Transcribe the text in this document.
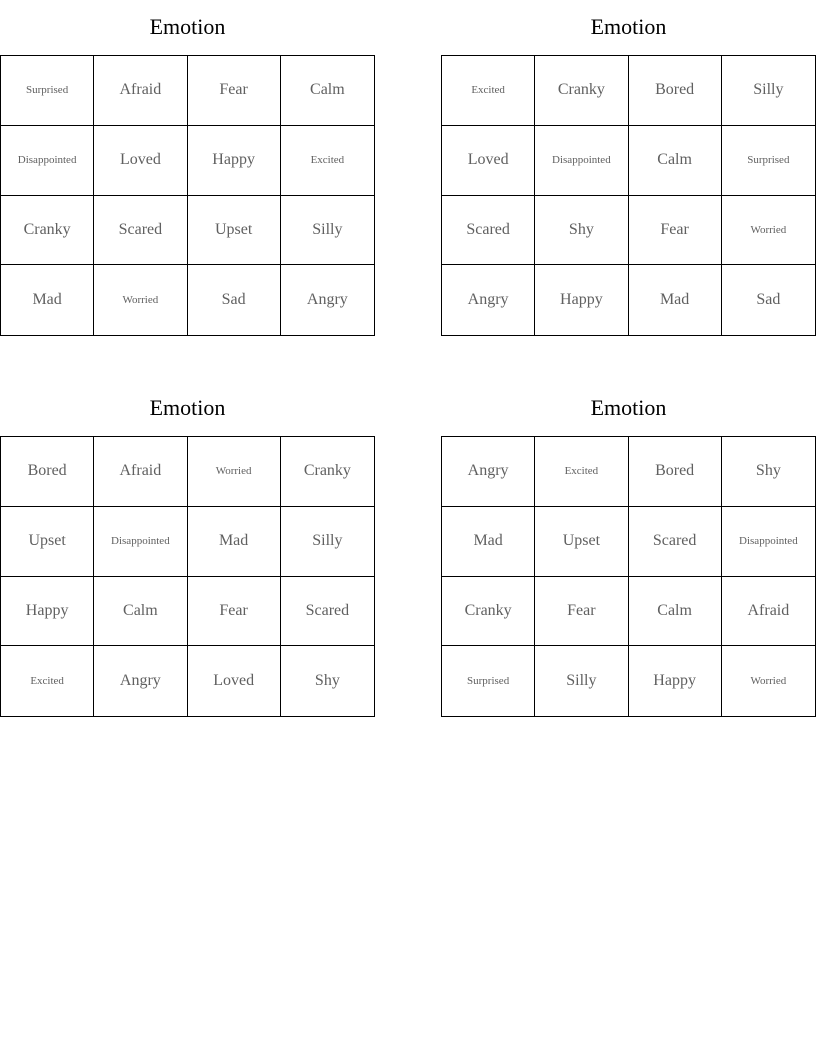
Emotion
Surprised	Afraid	Fear	Calm
Disappointed	Loved	Happy	Excited
Cranky	Scared	Upset	Silly
Mad	Worried	Sad	Angry
Emotion
Excited	Cranky	Bored	Silly
Loved	Disappointed	Calm	Surprised
Scared	Shy	Fear	Worried
Angry	Happy	Mad	Sad
Emotion
Bored	Afraid	Worried	Cranky
Upset	Disappointed	Mad	Silly
Happy	Calm	Fear	Scared
Excited	Angry	Loved	Shy
Emotion
Angry	Excited	Bored	Shy
Mad	Upset	Scared	Disappointed
Cranky	Fear	Calm	Afraid
Surprised	Silly	Happy	Worried
